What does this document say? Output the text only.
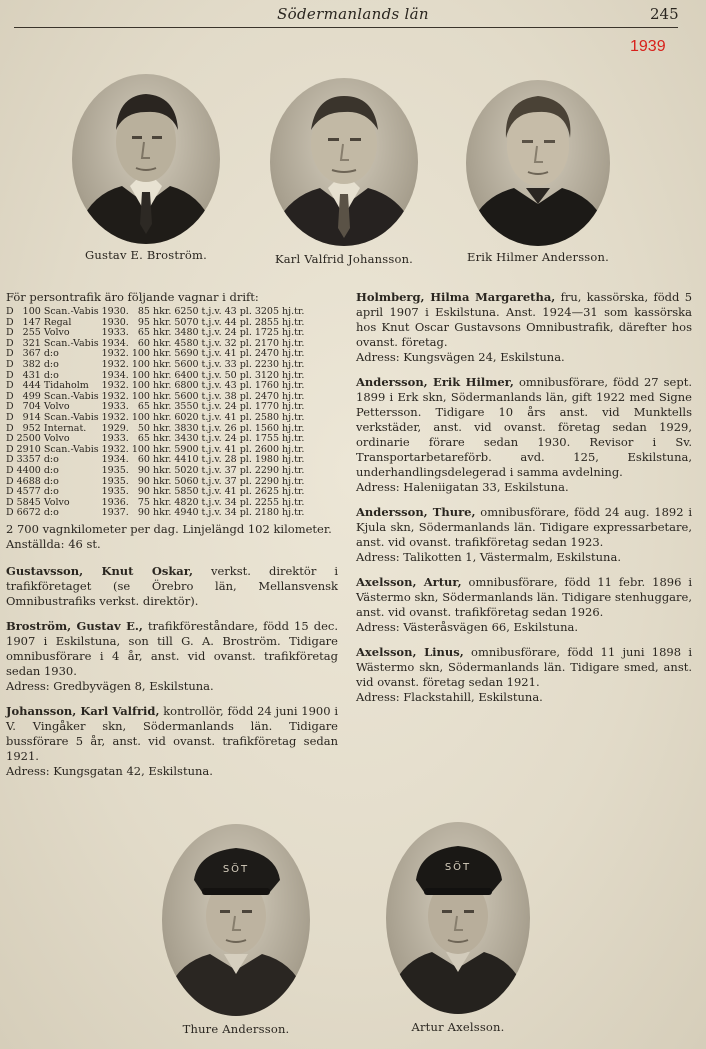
Södermanlands län	245
1939
Gustav E. Broström.	Karl Valfrid Johansson.	Erik Hilmer Andersson.
För persontrafik äro följande vagnar i drift:
D	100	Scan.-Vabis	1930.	85	hkr.	6250	t.j.v.	43	pl.	3205	hj.tr.
D	147	Regal	1930.	95	hkr.	5070	t.j.v.	44	pl.	2855	hj.tr.
D	255	Volvo	1933.	65	hkr.	3480	t.j.v.	24	pl.	1725	hj.tr.
D	321	Scan.-Vabis	1934.	60	hkr.	4580	t.j.v.	32	pl.	2170	hj.tr.
D	367	d:o	1932.	100	hkr.	5690	t.j.v.	41	pl.	2470	hj.tr.
D	382	d:o	1932.	100	hkr.	5600	t.j.v.	33	pl.	2230	hj.tr.
D	431	d:o	1934.	100	hkr.	6400	t.j.v.	50	pl.	3120	hj.tr.
D	444	Tidaholm	1932.	100	hkr.	6800	t.j.v.	43	pl.	1760	hj.tr.
D	499	Scan.-Vabis	1932.	100	hkr.	5600	t.j.v.	38	pl.	2470	hj.tr.
D	704	Volvo	1933.	65	hkr.	3550	t.j.v.	24	pl.	1770	hj.tr.
D	914	Scan.-Vabis	1932.	100	hkr.	6020	t.j.v.	41	pl.	2580	hj.tr.
D	952	Internat.	1929.	50	hkr.	3830	t.j.v.	26	pl.	1560	hj.tr.
D	2500	Volvo	1933.	65	hkr.	3430	t.j.v.	24	pl.	1755	hj.tr.
D	2910	Scan.-Vabis	1932.	100	hkr.	5900	t.j.v.	41	pl.	2600	hj.tr.
D	3357	d:o	1934.	60	hkr.	4410	t.j.v.	28	pl.	1980	hj.tr.
D	4400	d:o	1935.	90	hkr.	5020	t.j.v.	37	pl.	2290	hj.tr.
D	4688	d:o	1935.	90	hkr.	5060	t.j.v.	37	pl.	2290	hj.tr.
D	4577	d:o	1935.	90	hkr.	5850	t.j.v.	41	pl.	2625	hj.tr.
D	5845	Volvo	1936.	75	hkr.	4820	t.j.v.	34	pl.	2255	hj.tr.
D	6672	d:o	1937.	90	hkr.	4940	t.j.v.	34	pl.	2180	hj.tr.

2 700 vagnkilometer per dag. Linjelängd 102 kilometer.

Anställda: 46 st.

Gustavsson, Knut Oskar, verkst. direktör i trafikföretaget (se Örebro län, Mellansvensk Omnibustrafiks verkst. direktör).

Broström, Gustav E., trafikföreståndare, född 15 dec. 1907 i Eskilstuna, son till G. A. Broström. Tidigare omnibusförare i 4 år, anst. vid ovanst. trafikföretag sedan 1930.
Adress: Gredbyvägen 8, Eskilstuna.

Johansson, Karl Valfrid, kontrollör, född 24 juni 1900 i V. Vingåker skn, Södermanlands län. Tidigare bussförare 5 år, anst. vid ovanst. trafikföretag sedan 1921.
Adress: Kungsgatan 42, Eskilstuna.

Holmberg, Hilma Margaretha, fru, kassörska, född 5 april 1907 i Eskilstuna. Anst. 1924—31 som kassörska hos Knut Oscar Gustavsons Omnibustrafik, därefter hos ovanst. företag.
Adress: Kungsvägen 24, Eskilstuna.

Andersson, Erik Hilmer, omnibusförare, född 27 sept. 1899 i Erk skn, Södermanlands län, gift 1922 med Signe Pettersson. Tidigare 10 års anst. vid Munktells verkstäder, anst. vid ovanst. företag sedan 1929, ordinarie förare sedan 1930. Revisor i Sv. Transportarbetareförb. avd. 125, Eskilstuna, underhandlingsdelegerad i samma avdelning.
Adress: Haleniigatan 33, Eskilstuna.

Andersson, Thure, omnibusförare, född 24 aug. 1892 i Kjula skn, Södermanlands län. Tidigare expressarbetare, anst. vid ovanst. trafikföretag sedan 1923.
Adress: Talikotten 1, Västermalm, Eskilstuna.

Axelsson, Artur, omnibusförare, född 11 febr. 1896 i Västermo skn, Södermanlands län. Tidigare stenhuggare, anst. vid ovanst. trafikföretag sedan 1926.
Adress: Västeråsvägen 66, Eskilstuna.

Axelsson, Linus, omnibusförare, född 11 juni 1898 i Wästermo skn, Södermanlands län. Tidigare smed, anst. vid ovanst. företag sedan 1921.
Adress: Flackstahill, Eskilstuna.

SÖT
Thure Andersson.
SÖT
Artur Axelsson.
